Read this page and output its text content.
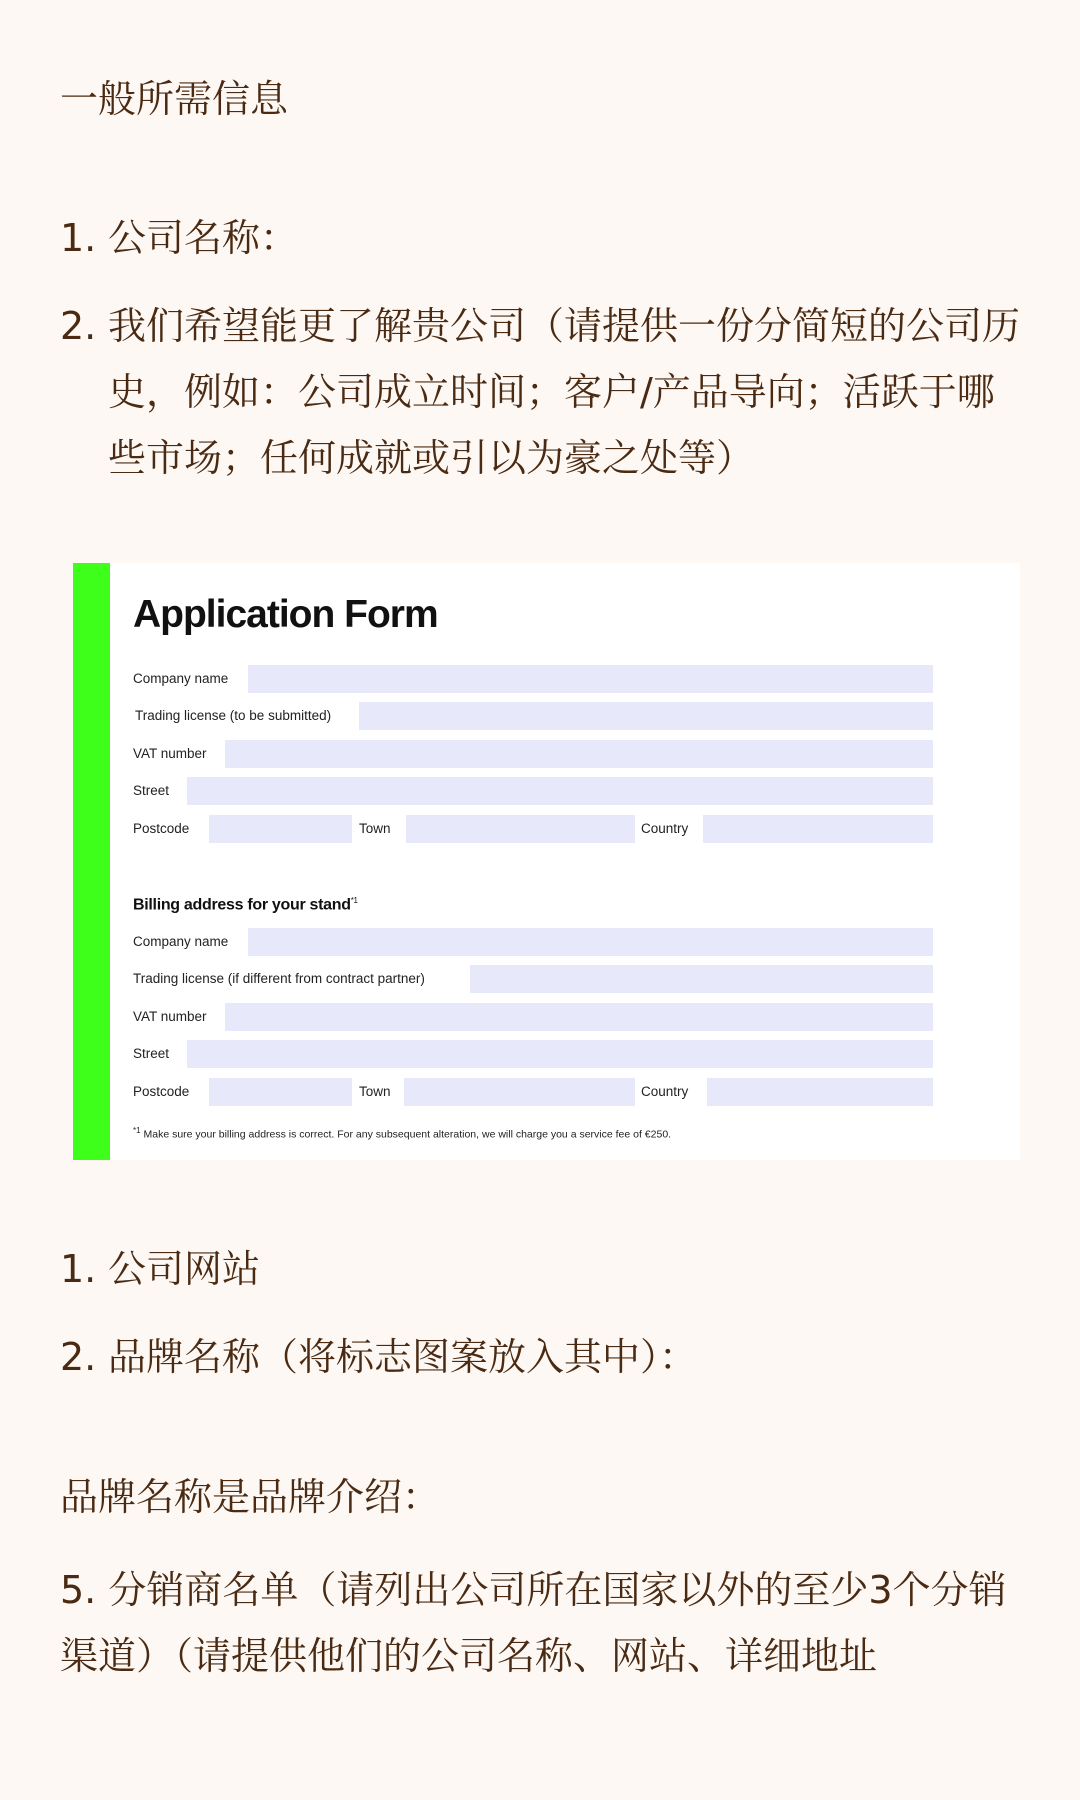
一般所需信息
1. 公司名称：
2. 我们希望能更了解贵公司（请提供一份分简短的公司历史，例如：公司成立时间；客户/产品导向；活跃于哪些市场；任何成就或引以为豪之处等）
Application Form
Company name
Trading license (to be submitted)
VAT number
Street
Postcode	Town	Country
Billing address for your stand$^{*1}$
Company name
Trading license (if different from contract partner)
VAT number
Street
Postcode	Town	Country
$^{*1}$ Make sure your billing address is correct. For any subsequent alteration, we will charge you a service fee of €250.
1. 公司网站
2. 品牌名称（将标志图案放入其中）：
品牌名称是品牌介绍：
5. 分销商名单（请列出公司所在国家以外的至少3个分销渠道）（请提供他们的公司名称、网站、详细地址
